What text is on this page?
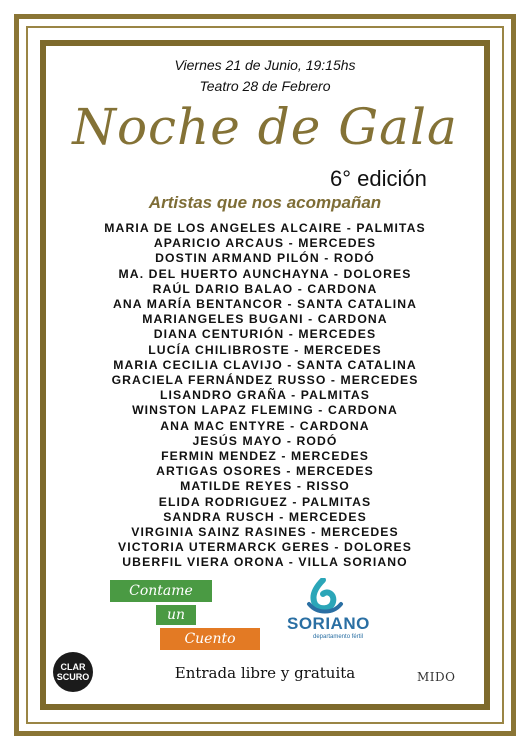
Viernes 21 de Junio, 19:15hs
Teatro 28 de Febrero
Noche de Gala
6° edición
Artistas que nos acompañan
MARIA DE LOS ANGELES ALCAIRE - PALMITAS
APARICIO ARCAUS - MERCEDES
DOSTIN ARMAND PILÓN - RODÓ
MA. DEL HUERTO AUNCHAYNA - DOLORES
RAÚL DARIO BALAO - CARDONA
ANA MARÍA BENTANCOR - SANTA CATALINA
MARIANGELES BUGANI - CARDONA
DIANA CENTURIÓN - MERCEDES
LUCÍA CHILIBROSTE - MERCEDES
MARIA CECILIA CLAVIJO - SANTA CATALINA
GRACIELA FERNÁNDEZ RUSSO - MERCEDES
LISANDRO GRAÑA - PALMITAS
WINSTON LAPAZ FLEMING - CARDONA
ANA MAC ENTYRE - CARDONA
JESÚS MAYO - RODÓ
FERMIN MENDEZ - MERCEDES
ARTIGAS OSORES - MERCEDES
MATILDE REYES - RISSO
ELIDA RODRIGUEZ - PALMITAS
SANDRA RUSCH - MERCEDES
VIRGINIA SAINZ RASINES - MERCEDES
VICTORIA UTERMARCK GERES - DOLORES
UBERFIL VIERA ORONA - VILLA SORIANO
Contame
un
Cuento
SORIANO
departamento fértil
CLAR
SCURO	Entrada libre y gratuita	MIDO
